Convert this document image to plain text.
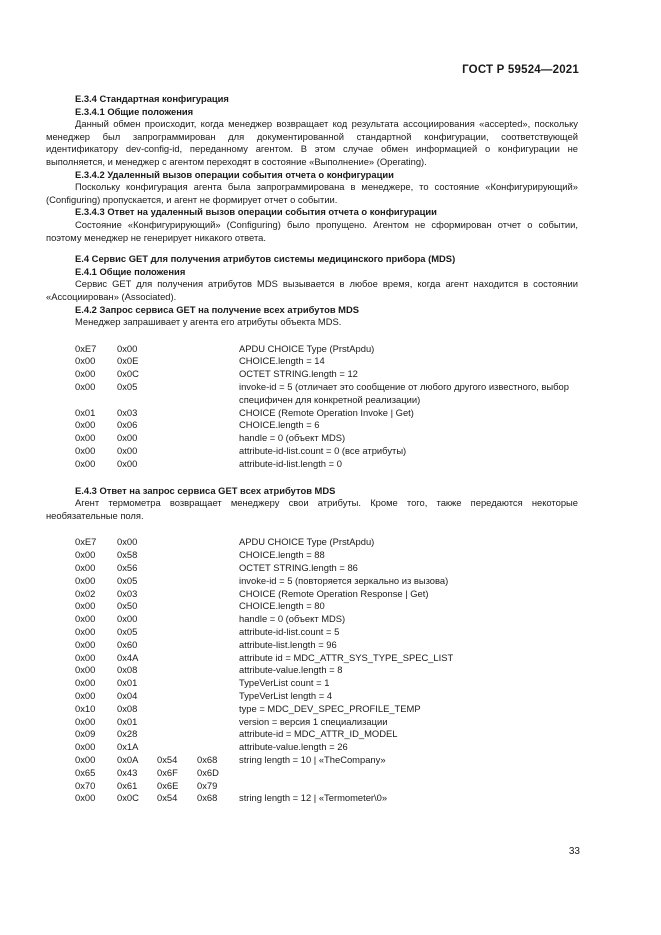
ГОСТ Р 59524—2021
E.3.4 Стандартная конфигурация
E.3.4.1 Общие положения
Данный обмен происходит, когда менеджер возвращает код результата ассоциирования «accepted», поскольку менеджер был запрограммирован для документированной стандартной конфигурации, соответствующей идентификатору dev-config-id, переданному агентом. В этом случае обмен информацией о конфигурации не выполняется, и менеджер с агентом переходят в состояние «Выполнение» (Operating).
E.3.4.2 Удаленный вызов операции события отчета о конфигурации
Поскольку конфигурация агента была запрограммирована в менеджере, то состояние «Конфигурирующий» (Configuring) пропускается, и агент не формирует отчет о событии.
E.3.4.3 Ответ на удаленный вызов операции события отчета о конфигурации
Состояние «Конфигурирующий» (Configuring) было пропущено. Агентом не сформирован отчет о событии, поэтому менеджер не генерирует никакого ответа.
E.4 Сервис GET для получения атрибутов системы медицинского прибора (MDS)
E.4.1 Общие положения
Сервис GET для получения атрибутов MDS вызывается в любое время, когда агент находится в состоянии «Ассоциирован» (Associated).
E.4.2 Запрос сервиса GET на получение всех атрибутов MDS
Менеджер запрашивает у агента его атрибуты объекта MDS.
0xE7	0x00	APDU CHOICE Type (PrstApdu)
0x00	0x0E	CHOICE.length = 14
0x00	0x0C	OCTET STRING.length = 12
0x00	0x05	invoke-id = 5 (отличает это сообщение от любого другого известного, выбор специфичен для конкретной реализации)
0x01	0x03	CHOICE (Remote Operation Invoke | Get)
0x00	0x06	CHOICE.length = 6
0x00	0x00	handle = 0 (объект MDS)
0x00	0x00	attribute-id-list.count = 0 (все атрибуты)
0x00	0x00	attribute-id-list.length = 0
E.4.3 Ответ на запрос сервиса GET всех атрибутов MDS
Агент термометра возвращает менеджеру свои атрибуты. Кроме того, также передаются некоторые необязательные поля.
0xE7	0x00	APDU CHOICE Type (PrstApdu)
0x00	0x58	CHOICE.length = 88
0x00	0x56	OCTET STRING.length = 86
0x00	0x05	invoke-id = 5 (повторяется зеркально из вызова)
0x02	0x03	CHOICE (Remote Operation Response | Get)
0x00	0x50	CHOICE.length = 80
0x00	0x00	handle = 0 (объект MDS)
0x00	0x05	attribute-id-list.count = 5
0x00	0x60	attribute-list.length = 96
0x00	0x4A	attribute id = MDC_ATTR_SYS_TYPE_SPEC_LIST
0x00	0x08	attribute-value.length = 8
0x00	0x01	TypeVerList count = 1
0x00	0x04	TypeVerList length = 4
0x10	0x08	type = MDC_DEV_SPEC_PROFILE_TEMP
0x00	0x01	version = версия 1 специализации
0x09	0x28	attribute-id = MDC_ATTR_ID_MODEL
0x00	0x1A	attribute-value.length = 26
0x00	0x0A	0x54	0x68	string length = 10 | «TheCompany»
0x65	0x43	0x6F	0x6D
0x70	0x61	0x6E	0x79
0x00	0x0C	0x54	0x68	string length = 12 | «Termometer\0»
33
